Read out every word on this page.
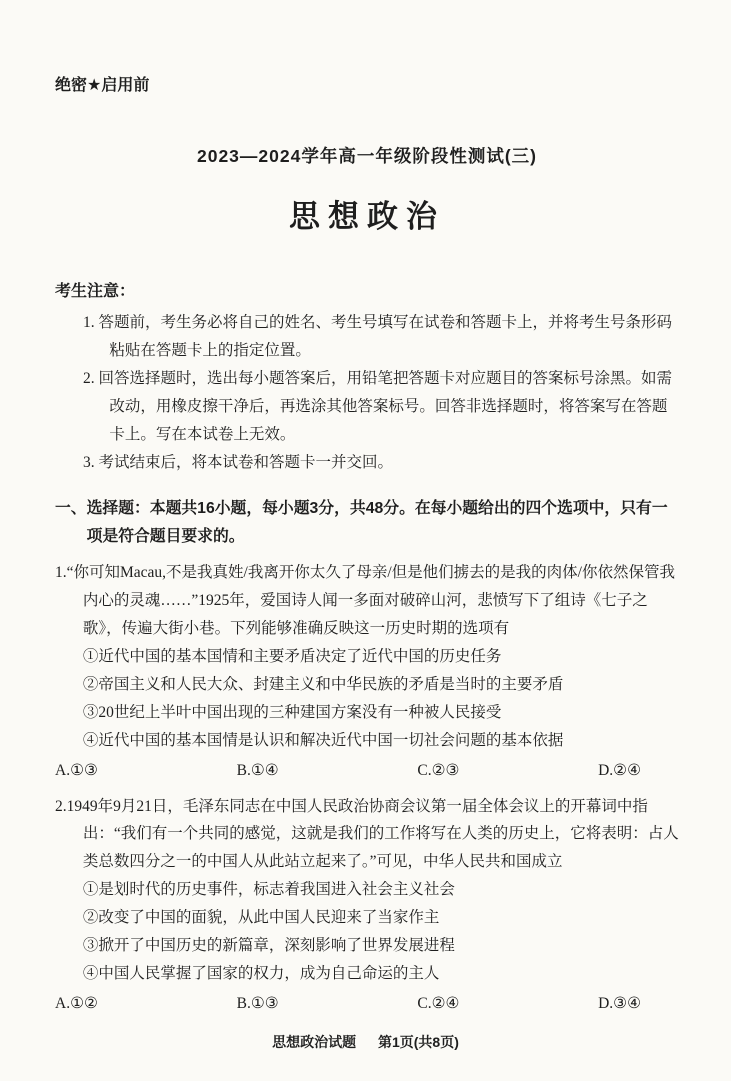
绝密★启用前
2023—2024学年高一年级阶段性测试(三)
思想政治
考生注意：
1. 答题前，考生务必将自己的姓名、考生号填写在试卷和答题卡上，并将考生号条形码粘贴在答题卡上的指定位置。
2. 回答选择题时，选出每小题答案后，用铅笔把答题卡对应题目的答案标号涂黑。如需改动，用橡皮擦干净后，再选涂其他答案标号。回答非选择题时，将答案写在答题卡上。写在本试卷上无效。
3. 考试结束后，将本试卷和答题卡一并交回。
一、选择题：本题共16小题，每小题3分，共48分。在每小题给出的四个选项中，只有一项是符合题目要求的。
1.“你可知Macau,不是我真姓/我离开你太久了母亲/但是他们掳去的是我的肉体/你依然保管我内心的灵魂……”1925年，爱国诗人闻一多面对破碎山河，悲愤写下了组诗《七子之歌》，传遍大街小巷。下列能够准确反映这一历史时期的选项有
①近代中国的基本国情和主要矛盾决定了近代中国的历史任务
②帝国主义和人民大众、封建主义和中华民族的矛盾是当时的主要矛盾
③20世纪上半叶中国出现的三种建国方案没有一种被人民接受
④近代中国的基本国情是认识和解决近代中国一切社会问题的基本依据
A.①③	B.①④	C.②③	D.②④
2.1949年9月21日，毛泽东同志在中国人民政治协商会议第一届全体会议上的开幕词中指出：“我们有一个共同的感觉，这就是我们的工作将写在人类的历史上，它将表明：占人类总数四分之一的中国人从此站立起来了。”可见，中华人民共和国成立
①是划时代的历史事件，标志着我国进入社会主义社会
②改变了中国的面貌，从此中国人民迎来了当家作主
③掀开了中国历史的新篇章，深刻影响了世界发展进程
④中国人民掌握了国家的权力，成为自己命运的主人
A.①②	B.①③	C.②④	D.③④
思想政治试题 第1页(共8页)
